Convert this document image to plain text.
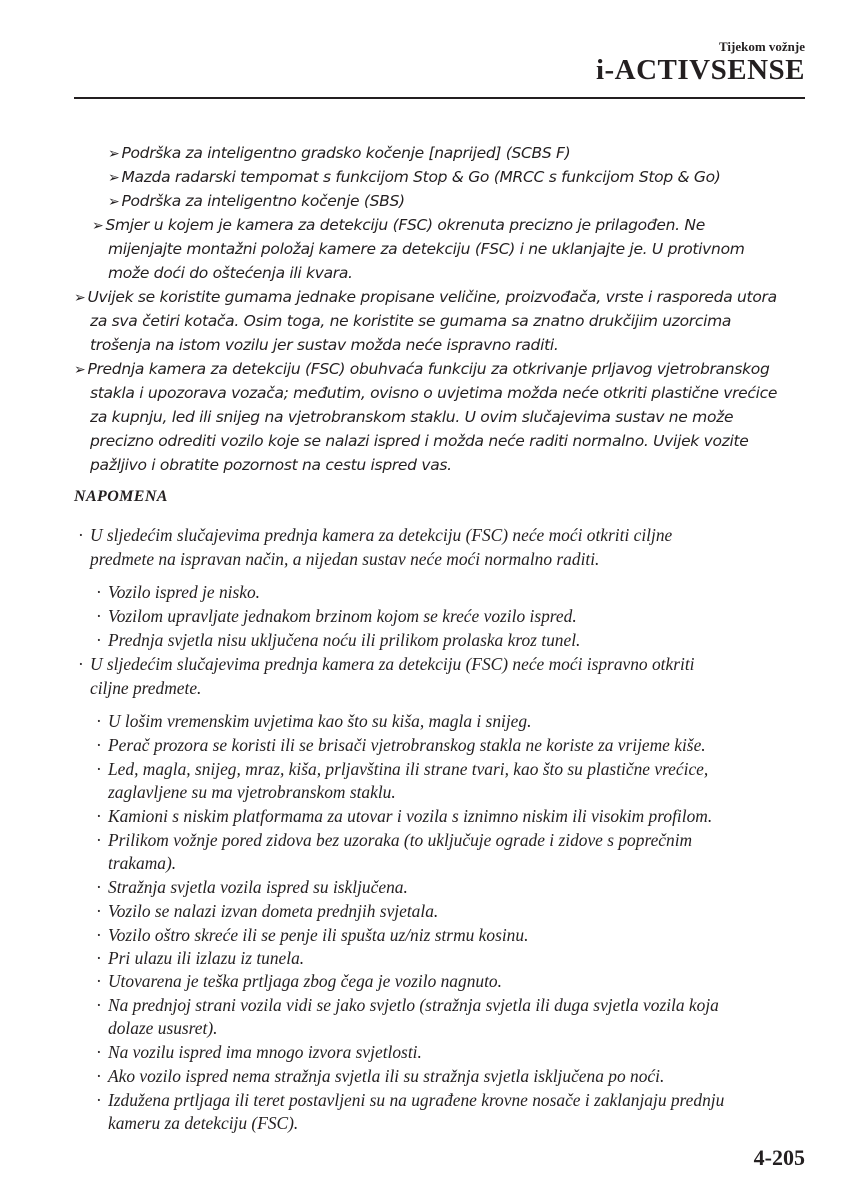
Tijekom vožnje
i-ACTIVSENSE
➢ Podrška za inteligentno gradsko kočenje [naprijed] (SCBS F)
➢ Mazda radarski tempomat s funkcijom Stop & Go (MRCC s funkcijom Stop & Go)
➢ Podrška za inteligentno kočenje (SBS)
➢ Smjer u kojem je kamera za detekciju (FSC) okrenuta precizno je prilagođen. Ne
mijenjajte montažni položaj kamere za detekciju (FSC) i ne uklanjajte je. U protivnom
može doći do oštećenja ili kvara.
➢ Uvijek se koristite gumama jednake propisane veličine, proizvođača, vrste i rasporeda utora
za sva četiri kotača. Osim toga, ne koristite se gumama sa znatno drukčijim uzorcima
trošenja na istom vozilu jer sustav možda neće ispravno raditi.
➢ Prednja kamera za detekciju (FSC) obuhvaća funkciju za otkrivanje prljavog vjetrobranskog
stakla i upozorava vozača; međutim, ovisno o uvjetima možda neće otkriti plastične vrećice
za kupnju, led ili snijeg na vjetrobranskom staklu. U ovim slučajevima sustav ne može
precizno odrediti vozilo koje se nalazi ispred i možda neće raditi normalno. Uvijek vozite
pažljivo i obratite pozornost na cestu ispred vas.
NAPOMENA
· U sljedećim slučajevima prednja kamera za detekciju (FSC) neće moći otkriti ciljne
predmete na ispravan način, a nijedan sustav neće moći normalno raditi.
· Vozilo ispred je nisko.
· Vozilom upravljate jednakom brzinom kojom se kreće vozilo ispred.
· Prednja svjetla nisu uključena noću ili prilikom prolaska kroz tunel.
· U sljedećim slučajevima prednja kamera za detekciju (FSC) neće moći ispravno otkriti
ciljne predmete.
· U lošim vremenskim uvjetima kao što su kiša, magla i snijeg.
· Perač prozora se koristi ili se brisači vjetrobranskog stakla ne koriste za vrijeme kiše.
· Led, magla, snijeg, mraz, kiša, prljavština ili strane tvari, kao što su plastične vrećice,
zaglavljene su ma vjetrobranskom staklu.
· Kamioni s niskim platformama za utovar i vozila s iznimno niskim ili visokim profilom.
· Prilikom vožnje pored zidova bez uzoraka (to uključuje ograde i zidove s poprečnim
trakama).
· Stražnja svjetla vozila ispred su isključena.
· Vozilo se nalazi izvan dometa prednjih svjetala.
· Vozilo oštro skreće ili se penje ili spušta uz/niz strmu kosinu.
· Pri ulazu ili izlazu iz tunela.
· Utovarena je teška prtljaga zbog čega je vozilo nagnuto.
· Na prednjoj strani vozila vidi se jako svjetlo (stražnja svjetla ili duga svjetla vozila koja
dolaze ususret).
· Na vozilu ispred ima mnogo izvora svjetlosti.
· Ako vozilo ispred nema stražnja svjetla ili su stražnja svjetla isključena po noći.
· Izdužena prtljaga ili teret postavljeni su na ugrađene krovne nosače i zaklanjaju prednju
kameru za detekciju (FSC).
4-205
